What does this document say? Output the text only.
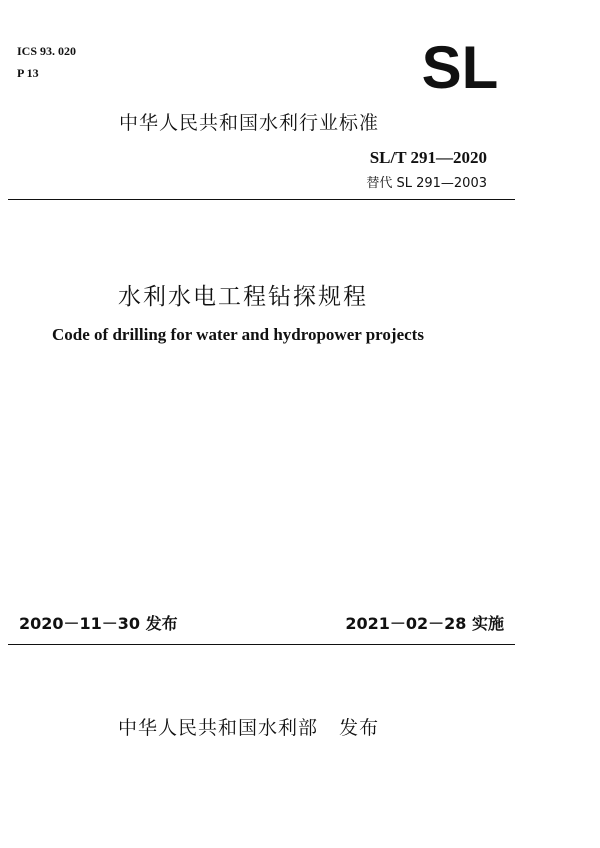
ICS 93. 020
P 13	SL
中华人民共和国水利行业标准
SL/T 291—2020
替代 SL 291—2003
水利水电工程钻探规程
Code of drilling for water and hydropower projects
2020－11－30 发布	2021－02－28 实施
中华人民共和国水利部   发布
